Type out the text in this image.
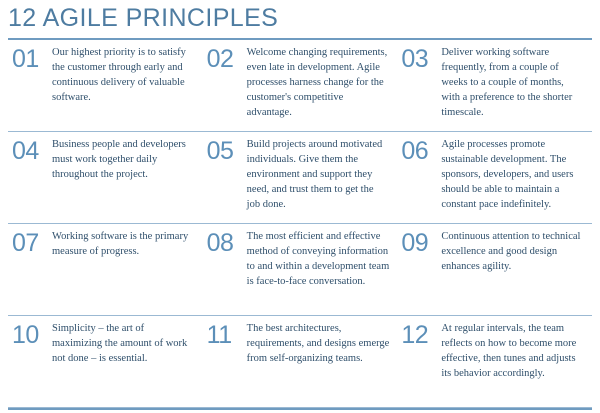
12 AGILE PRINCIPLES
01	Our highest priority is to satisfy the customer through early and continuous delivery of valuable software.
02	Welcome changing requirements, even late in development. Agile processes harness change for the customer's competitive advantage.
03	Deliver working software frequently, from a couple of weeks to a couple of months, with a preference to the shorter timescale.
04	Business people and developers must work together daily throughout the project.
05	Build projects around motivated individuals. Give them the environment and support they need, and trust them to get the job done.
06	Agile processes promote sustainable development. The sponsors, developers, and users should be able to maintain a constant pace indefinitely.
07	Working software is the primary measure of progress.	08	The most efficient and effective method of conveying information to and within a development team is face-to-face conversation.
09	Continuous attention to technical excellence and good design enhances agility.
10	Simplicity – the art of maximizing the amount of work not done – is essential.
11	The best architectures, requirements, and designs emerge from self-organizing teams.
12	At regular intervals, the team reflects on how to become more effective, then tunes and adjusts its behavior accordingly.
